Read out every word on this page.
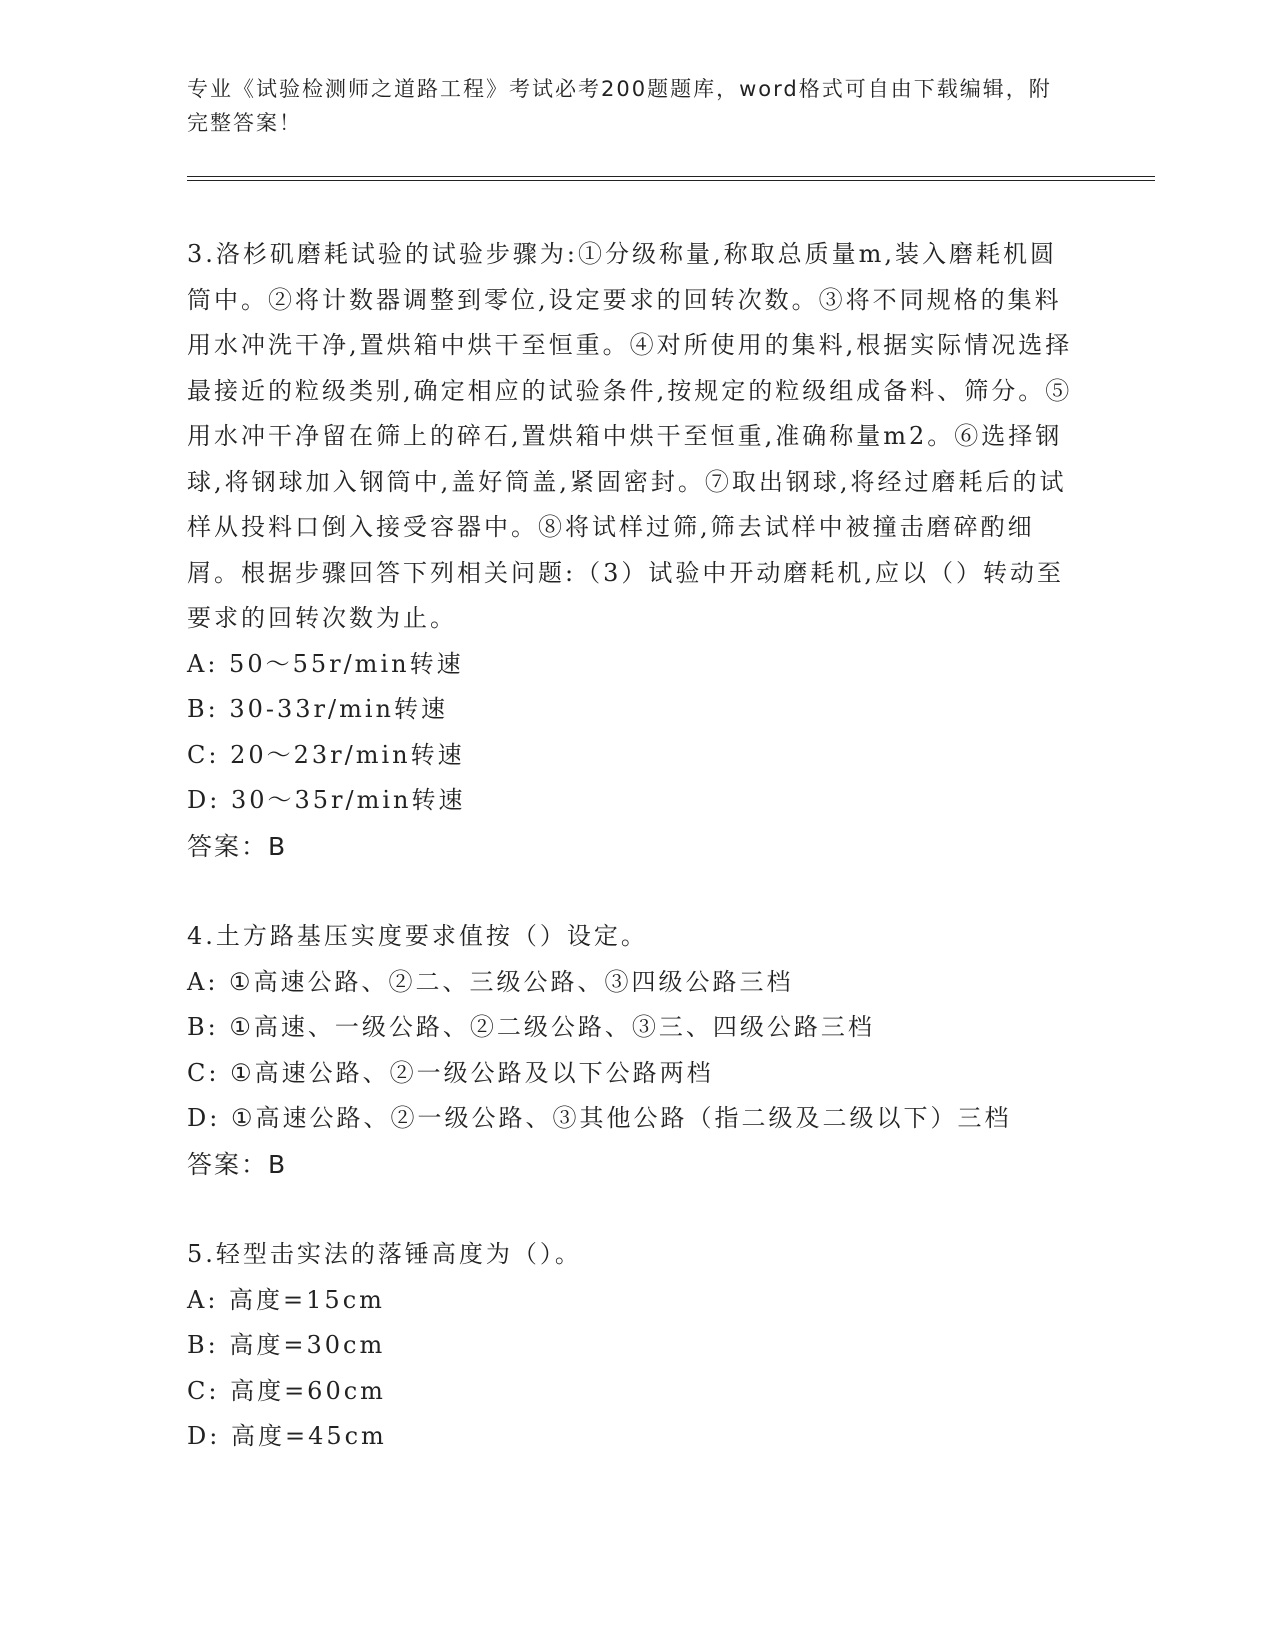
专业《试验检测师之道路工程》考试必考200题题库，word格式可自由下载编辑，附完整答案！

3.洛杉矶磨耗试验的试验步骤为:①分级称量,称取总质量m,装入磨耗机圆筒中。②将计数器调整到零位,设定要求的回转次数。③将不同规格的集料用水冲洗干净,置烘箱中烘干至恒重。④对所使用的集料,根据实际情况选择最接近的粒级类别,确定相应的试验条件,按规定的粒级组成备料、筛分。⑤用水冲干净留在筛上的碎石,置烘箱中烘干至恒重,准确称量m2。⑥选择钢球,将钢球加入钢筒中,盖好筒盖,紧固密封。⑦取出钢球,将经过磨耗后的试样从投料口倒入接受容器中。⑧将试样过筛,筛去试样中被撞击磨碎酌细屑。根据步骤回答下列相关问题:（3）试验中开动磨耗机,应以（）转动至要求的回转次数为止。

A: 50～55r/min转速

B: 30-33r/min转速

C: 20～23r/min转速

D: 30～35r/min转速

答案：B

4.土方路基压实度要求值按（）设定。

A: ①高速公路、②二、三级公路、③四级公路三档

B: ①高速、一级公路、②二级公路、③三、四级公路三档

C: ①高速公路、②一级公路及以下公路两档

D: ①高速公路、②一级公路、③其他公路（指二级及二级以下）三档

答案：B

5.轻型击实法的落锤高度为（）。

A: 高度=15cm

B: 高度=30cm

C: 高度=60cm

D: 高度=45cm
